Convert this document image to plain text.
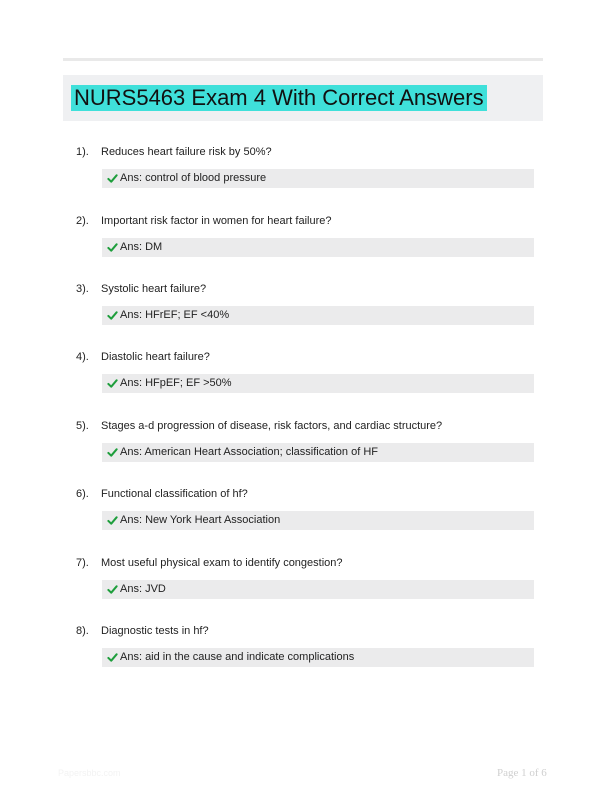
NURS5463 Exam 4 With Correct Answers
1). Reduces heart failure risk by 50%?
Ans: control of blood pressure
2). Important risk factor in women for heart failure?
Ans: DM
3). Systolic heart failure?
Ans: HFrEF; EF <40%
4). Diastolic heart failure?
Ans: HFpEF; EF >50%
5). Stages a-d progression of disease, risk factors, and cardiac structure?
Ans: American Heart Association; classification of HF
6). Functional classification of hf?
Ans: New York Heart Association
7). Most useful physical exam to identify congestion?
Ans: JVD
8). Diagnostic tests in hf?
Ans: aid in the cause and indicate complications
Papersbbc.com	Page 1 of 6
